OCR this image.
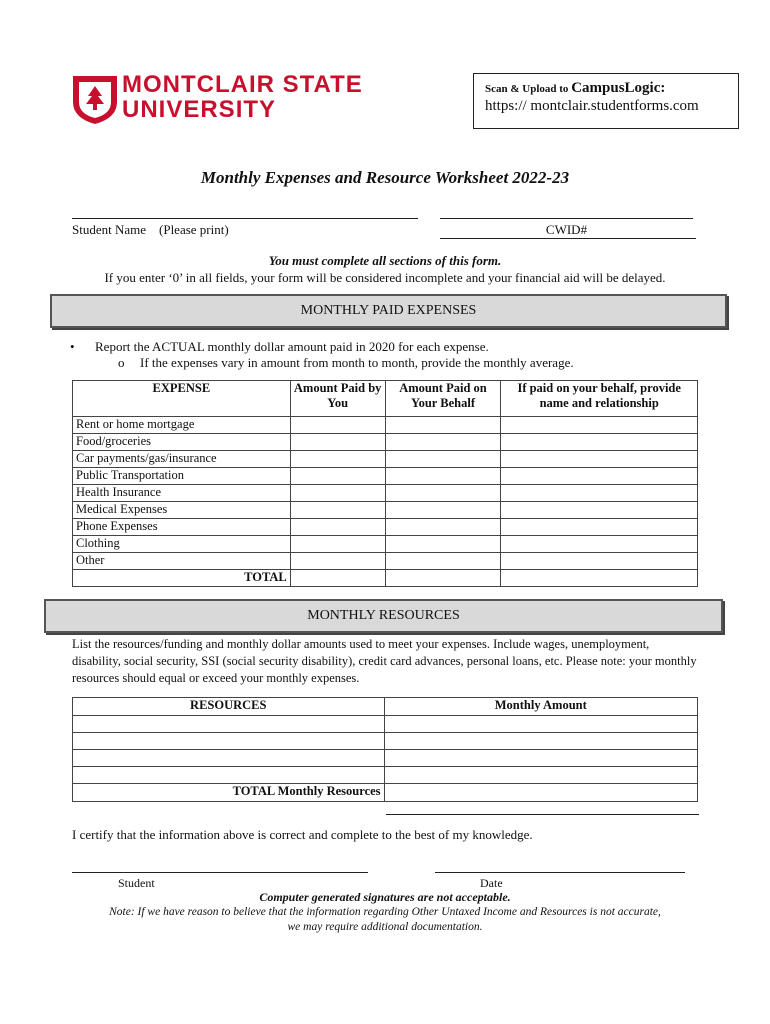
MONTCLAIR STATE
UNIVERSITY
Scan & Upload to CampusLogic:
https:// montclair.studentforms.com
Monthly Expenses and Resource Worksheet 2022-23
Student Name    (Please print)	CWID#
You must complete all sections of this form.
If you enter ‘0’ in all fields, your form will be considered incomplete and your financial aid will be delayed.
MONTHLY PAID EXPENSES
• Report the ACTUAL monthly dollar amount paid in 2020 for each expense.
o If the expenses vary in amount from month to month, provide the monthly average.
EXPENSE	Amount Paid by You	Amount Paid on Your Behalf	If paid on your behalf, provide name and relationship
Rent or home mortgage			
Food/groceries			
Car payments/gas/insurance			
Public Transportation			
Health Insurance			
Medical Expenses			
Phone Expenses			
Clothing			
Other			
TOTAL			
MONTHLY RESOURCES
List the resources/funding and monthly dollar amounts used to meet your expenses. Include wages, unemployment, disability, social security, SSI (social security disability), credit card advances, personal loans, etc. Please note: your monthly resources should equal or exceed your monthly expenses.
RESOURCES	Monthly Amount

TOTAL Monthly Resources	
I certify that the information above is correct and complete to the best of my knowledge.
Student	Date
Computer generated signatures are not acceptable.
Note: If we have reason to believe that the information regarding Other Untaxed Income and Resources is not accurate,
we may require additional documentation.
